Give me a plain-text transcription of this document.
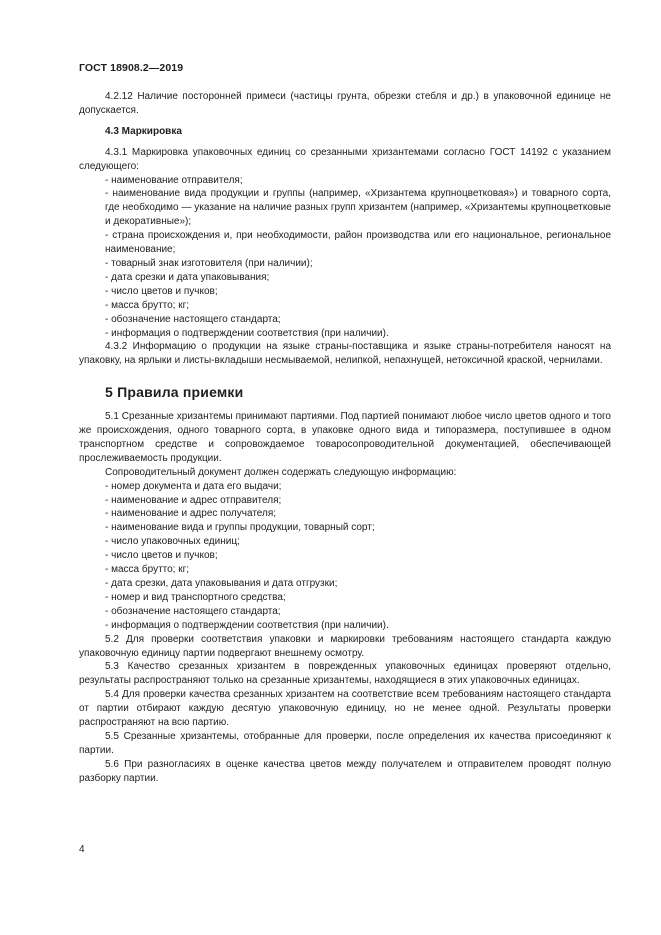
ГОСТ 18908.2—2019

4.2.12 Наличие посторонней примеси (частицы грунта, обрезки стебля и др.) в упаковочной единице не допускается.

4.3 Маркировка

4.3.1 Маркировка упаковочных единиц со срезанными хризантемами согласно ГОСТ 14192 с указанием следующего:

- наименование отправителя;

- наименование вида продукции и группы (например, «Хризантема крупноцветковая») и товарного сорта, где необходимо — указание на наличие разных групп хризантем (например, «Хризантемы крупноцветковые и декоративные»);

- страна происхождения и, при необходимости, район производства или его национальное, региональное наименование;

- товарный знак изготовителя (при наличии);

- дата срезки и дата упаковывания;

- число цветов и пучков;

- масса брутто; кг;

- обозначение настоящего стандарта;

- информация о подтверждении соответствия (при наличии).

4.3.2 Информацию о продукции на языке страны-поставщика и языке страны-потребителя наносят на упаковку, на ярлыки и листы-вкладыши несмываемой, нелипкой, непахнущей, нетоксичной краской, чернилами.

5 Правила приемки

5.1 Срезанные хризантемы принимают партиями. Под партией понимают любое число цветов одного и того же происхождения, одного товарного сорта, в упаковке одного вида и типоразмера, поступившее в одном транспортном средстве и сопровождаемое товаросопроводительной документацией, обеспечивающей прослеживаемость продукции.

Сопроводительный документ должен содержать следующую информацию:

- номер документа и дата его выдачи;

- наименование и адрес отправителя;

- наименование и адрес получателя;

- наименование вида и группы продукции, товарный сорт;

- число упаковочных единиц;

- число цветов и пучков;

- масса брутто; кг;

- дата срезки, дата упаковывания и дата отгрузки;

- номер и вид транспортного средства;

- обозначение настоящего стандарта;

- информация о подтверждении соответствия (при наличии).

5.2 Для проверки соответствия упаковки и маркировки требованиям настоящего стандарта каждую упаковочную единицу партии подвергают внешнему осмотру.

5.3 Качество срезанных хризантем в поврежденных упаковочных единицах проверяют отдельно, результаты распространяют только на срезанные хризантемы, находящиеся в этих упаковочных единицах.

5.4 Для проверки качества срезанных хризантем на соответствие всем требованиям настоящего стандарта от партии отбирают каждую десятую упаковочную единицу, но не менее одной. Результаты проверки распространяют на всю партию.

5.5 Срезанные хризантемы, отобранные для проверки, после определения их качества присоединяют к партии.

5.6 При разногласиях в оценке качества цветов между получателем и отправителем проводят полную разборку партии.

4
